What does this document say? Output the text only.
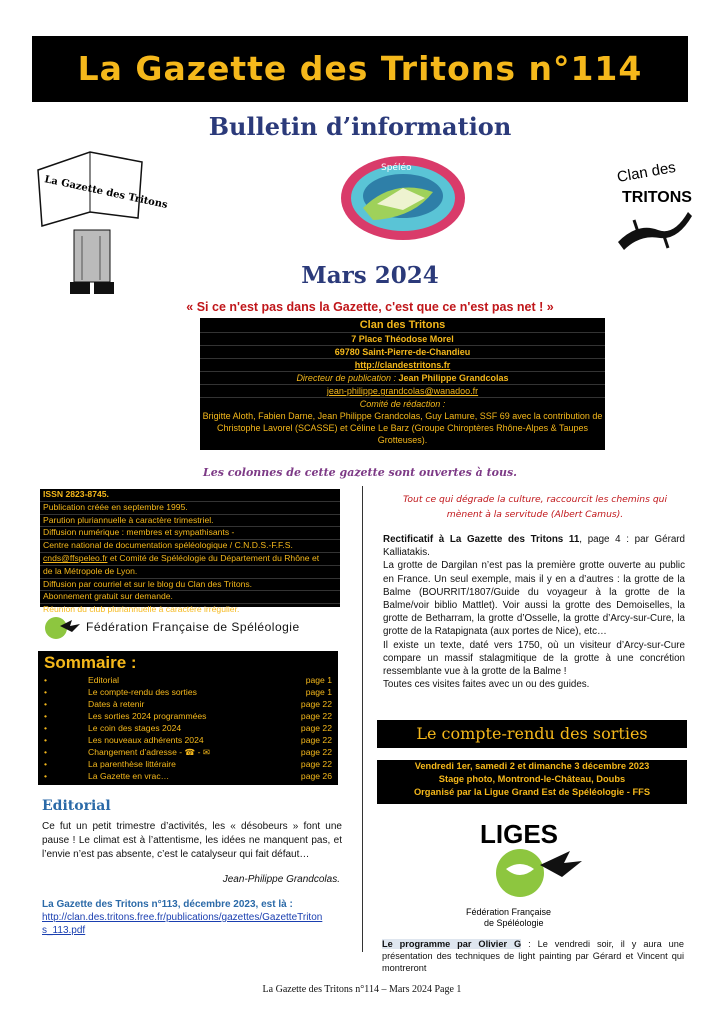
La Gazette des Tritons n°114
La Gazette des Tritons
Bulletin d’information
Spéléo	Clan des
TRITONS
Mars 2024
« Si ce n'est pas dans la Gazette, c'est que ce n'est pas net ! »
Clan des Tritons
7 Place Théodose Morel
69780 Saint-Pierre-de-Chandieu
http://clandestritons.fr
Directeur de publication : Jean Philippe Grandcolas
jean-philippe.grandcolas@wanadoo.fr
Comité de rédaction :
Brigitte Aloth, Fabien Darne, Jean Philippe Grandcolas, Guy Lamure, SSF 69 avec la contribution de
Christophe Lavorel (SCASSE) et Céline Le Barz (Groupe Chiroptères Rhône-Alpes & Taupes
Grotteuses).
Les colonnes de cette gazette sont ouvertes à tous.
ISSN 2823-8745.
Publication créée en septembre 1995.
Parution pluriannuelle à caractère trimestriel.
Diffusion numérique : membres et sympathisants -
Centre national de documentation spéléologique / C.N.D.S.-F.F.S.
cnds@ffspeleo.fr et Comité de Spéléologie du Département du Rhône et
de la Métropole de Lyon.
Diffusion par courriel et sur le blog du Clan des Tritons.
Abonnement gratuit sur demande.
Réunion du club pluriannuelle à caractère irrégulier.
Fédération Française de Spéléologie
Sommaire :
•	Editorial	page 1
•	Le compte-rendu des sorties	page 1
•	Dates à retenir	page 22
•	Les sorties 2024 programmées	page 22
•	Le coin des stages 2024	page 22
•	Les nouveaux adhérents 2024	page 22
•	Changement d’adresse - ☎ - ✉	page 22
•	La parenthèse littéraire	page 22
•	La Gazette en vrac…	page 26
Editorial
Ce fut un petit trimestre d’activités, les « désobeurs » font une pause ! Le climat est à l’attentisme, les idées ne manquent pas, et l’envie n’est pas absente, c’est le catalyseur qui fait défaut…
Jean-Philippe Grandcolas.
La Gazette des Tritons n°113, décembre 2023, est là :
http://clan.des.tritons.free.fr/publications/gazettes/GazetteTriton
s_113.pdf
Tout ce qui dégrade la culture, raccourcit les chemins qui
mènent à la servitude (Albert Camus).
Rectificatif à La Gazette des Tritons 11, page 4 : par Gérard Kalliatakis.
La grotte de Dargilan n’est pas la première grotte ouverte au public en France. Un seul exemple, mais il y en a d’autres : la grotte de la Balme (BOURRIT/1807/Guide du voyageur à la grotte de la Balme/voir biblio Mattlet). Voir aussi la grotte des Demoiselles, la grotte de Betharram, la grotte d’Osselle, la grotte d’Arcy-sur-Cure, la grotte de la Ratapignata (aux portes de Nice), etc…
Il existe un texte, daté vers 1750, où un visiteur d’Arcy-sur-Cure compare un massif stalagmitique de la grotte à une concrétion ressemblante vue à la grotte de la Balme !
Toutes ces visites faites avec un ou des guides.
Le compte-rendu des sorties
Vendredi 1er, samedi 2 et dimanche 3 décembre 2023
Stage photo, Montrond-le-Château, Doubs
Organisé par la Ligue Grand Est de Spéléologie - FFS
LIGES
Fédération Française
de Spéléologie
Le programme par Olivier G : Le vendredi soir, il y aura une présentation des techniques de light painting par Gérard et Vincent qui montreront
La Gazette des Tritons n°114 – Mars 2024 Page 1
